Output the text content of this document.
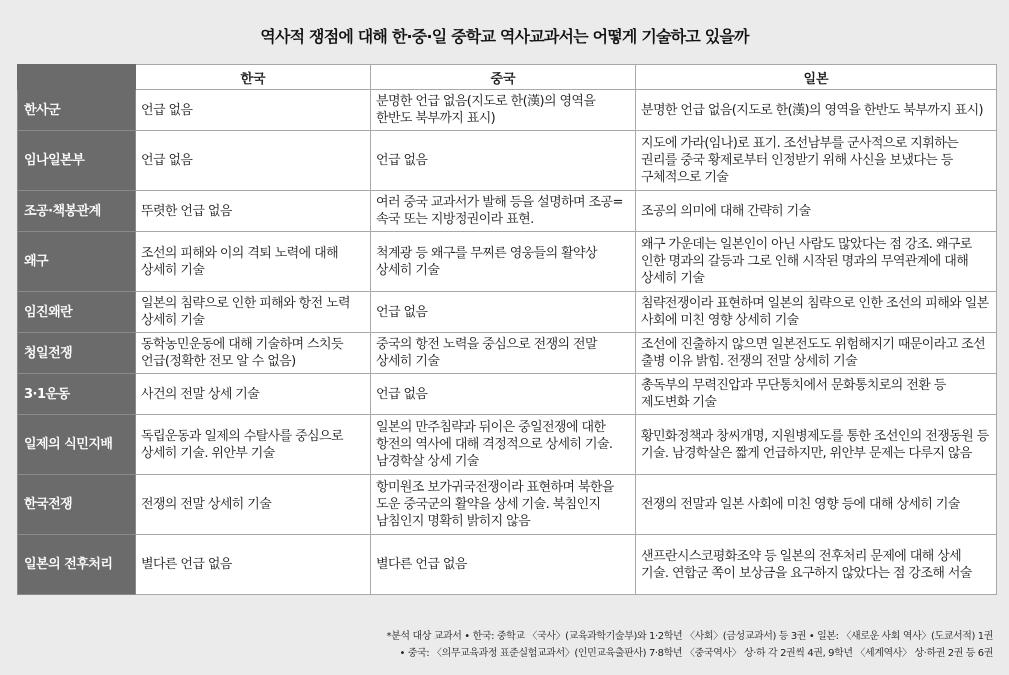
역사적 쟁점에 대해 한·중·일 중학교 역사교과서는 어떻게 기술하고 있을까
	한국	중국	일본
한사군	언급 없음	분명한 언급 없음(지도로 한(漢)의 영역을 한반도 북부까지 표시)	분명한 언급 없음(지도로 한(漢)의 영역을 한반도 북부까지 표시)
임나일본부	언급 없음	언급 없음	지도에 가라(임나)로 표기. 조선남부를 군사적으로 지휘하는 권리를 중국 황제로부터 인정받기 위해 사신을 보냈다는 등 구체적으로 기술
조공·책봉관계	뚜렷한 언급 없음	여러 중국 교과서가 발해 등을 설명하며 조공=속국 또는 지방정권이라 표현.	조공의 의미에 대해 간략히 기술
왜구	조선의 피해와 이의 격퇴 노력에 대해 상세히 기술	척계광 등 왜구를 무찌른 영웅들의 활약상 상세히 기술	왜구 가운데는 일본인이 아닌 사람도 많았다는 점 강조. 왜구로 인한 명과의 갈등과 그로 인해 시작된 명과의 무역관계에 대해 상세히 기술
임진왜란	일본의 침략으로 인한 피해와 항전 노력 상세히 기술	언급 없음	침략전쟁이라 표현하며 일본의 침략으로 인한 조선의 피해와 일본 사회에 미친 영향 상세히 기술
청일전쟁	동학농민운동에 대해 기술하며 스치듯 언급(정확한 전모 알 수 없음)	중국의 항전 노력을 중심으로 전쟁의 전말 상세히 기술	조선에 진출하지 않으면 일본전도도 위험해지기 때문이라고 조선 출병 이유 밝힘. 전쟁의 전말 상세히 기술
3·1운동	사건의 전말 상세 기술	언급 없음	총독부의 무력진압과 무단통치에서 문화통치로의 전환 등 제도변화 기술
일제의 식민지배	독립운동과 일제의 수탈사를 중심으로 상세히 기술. 위안부 기술	일본의 만주침략과 뒤이은 중일전쟁에 대한 항전의 역사에 대해 격정적으로 상세히 기술. 남경학살 상세 기술	황민화정책과 창씨개명, 지원병제도를 통한 조선인의 전쟁동원 등 기술. 남경학살은 짧게 언급하지만, 위안부 문제는 다루지 않음
한국전쟁	전쟁의 전말 상세히 기술	항미원조 보가귀국전쟁이라 표현하며 북한을 도운 중국군의 활약을 상세 기술. 북침인지 남침인지 명확히 밝히지 않음	전쟁의 전말과 일본 사회에 미친 영향 등에 대해 상세히 기술
일본의 전후처리	별다른 언급 없음	별다른 언급 없음	샌프란시스코평화조약 등 일본의 전후처리 문제에 대해 상세 기술. 연합군 쪽이 보상금을 요구하지 않았다는 점 강조해 서술
*분석 대상 교과서 • 한국: 중학교 〈국사〉(교육과학기술부)와 1·2학년 〈사회〉(금성교과서) 등 3권 • 일본: 〈새로운 사회 역사〉(도쿄서적) 1권
• 중국: 〈의무교육과정 표준실험교과서〉(인민교육출판사) 7·8학년 〈중국역사〉 상·하 각 2권씩 4권, 9학년 〈세계역사〉 상·하권 2권 등 6권
